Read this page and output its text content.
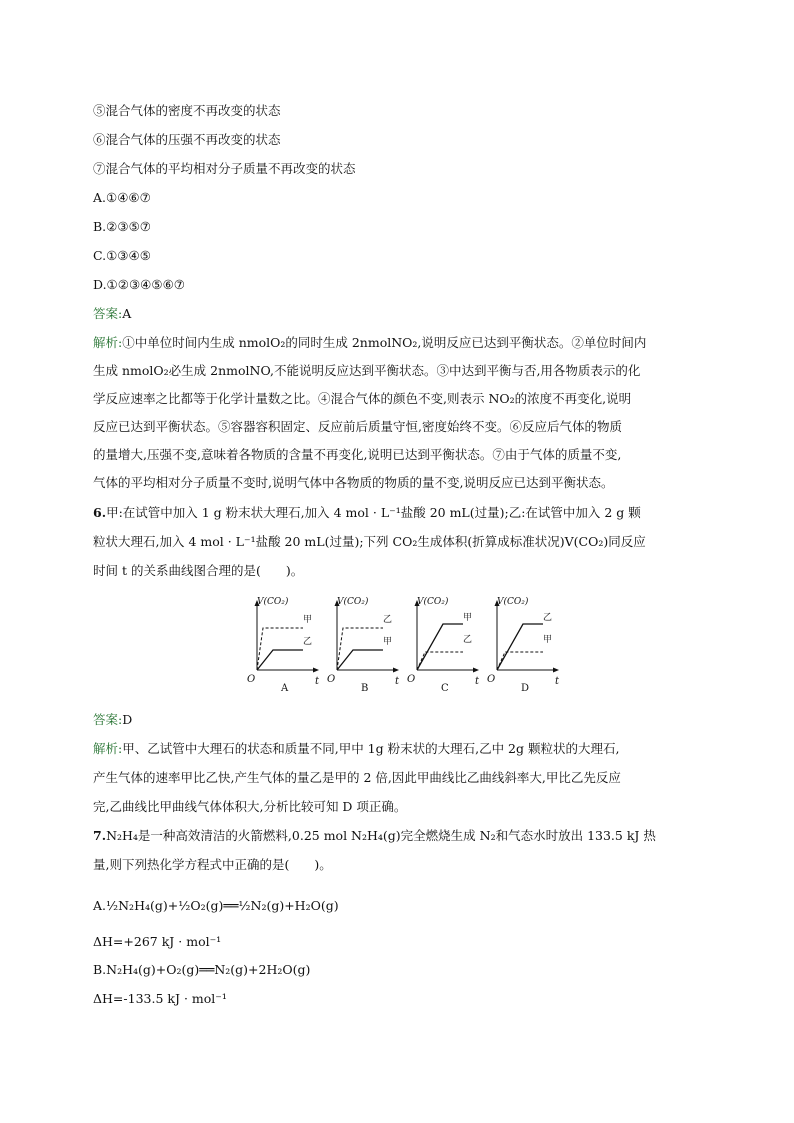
⑤混合气体的密度不再改变的状态
⑥混合气体的压强不再改变的状态
⑦混合气体的平均相对分子质量不再改变的状态
A.①④⑥⑦
B.②③⑤⑦
C.①③④⑤
D.①②③④⑤⑥⑦
答案:A
解析:①中单位时间内生成 nmolO₂的同时生成 2nmolNO₂,说明反应已达到平衡状态。②单位时间内
生成 nmolO₂必生成 2nmolNO,不能说明反应达到平衡状态。③中达到平衡与否,用各物质表示的化
学反应速率之比都等于化学计量数之比。④混合气体的颜色不变,则表示 NO₂的浓度不再变化,说明
反应已达到平衡状态。⑤容器容积固定、反应前后质量守恒,密度始终不变。⑥反应后气体的物质
的量增大,压强不变,意味着各物质的含量不再变化,说明已达到平衡状态。⑦由于气体的质量不变,
气体的平均相对分子质量不变时,说明气体中各物质的物质的量不变,说明反应已达到平衡状态。
6.甲:在试管中加入 1 g 粉末状大理石,加入 4 mol · L⁻¹盐酸 20 mL(过量);乙:在试管中加入 2 g 颗
粒状大理石,加入 4 mol · L⁻¹盐酸 20 mL(过量);下列 CO₂生成体积(折算成标准状况)V(CO₂)同反应
时间 t 的关系曲线图合理的是(　　)。
V(CO₂)
甲
乙
O	t
A
V(CO₂)
乙
甲
O	t
B
V(CO₂)
甲
乙
O	t
C
V(CO₂)
乙
甲
O	t
D
答案:D
解析:甲、乙试管中大理石的状态和质量不同,甲中 1g 粉末状的大理石,乙中 2g 颗粒状的大理石,
产生气体的速率甲比乙快,产生气体的量乙是甲的 2 倍,因此甲曲线比乙曲线斜率大,甲比乙先反应
完,乙曲线比甲曲线气体体积大,分析比较可知 D 项正确。
7.N₂H₄是一种高效清洁的火箭燃料,0.25 mol N₂H₄(g)完全燃烧生成 N₂和气态水时放出 133.5 kJ 热
量,则下列热化学方程式中正确的是(　　)。
A.½N₂H₄(g)+½O₂(g)══½N₂(g)+H₂O(g)
ΔH=+267 kJ · mol⁻¹
B.N₂H₄(g)+O₂(g)══N₂(g)+2H₂O(g)
ΔH=-133.5 kJ · mol⁻¹
